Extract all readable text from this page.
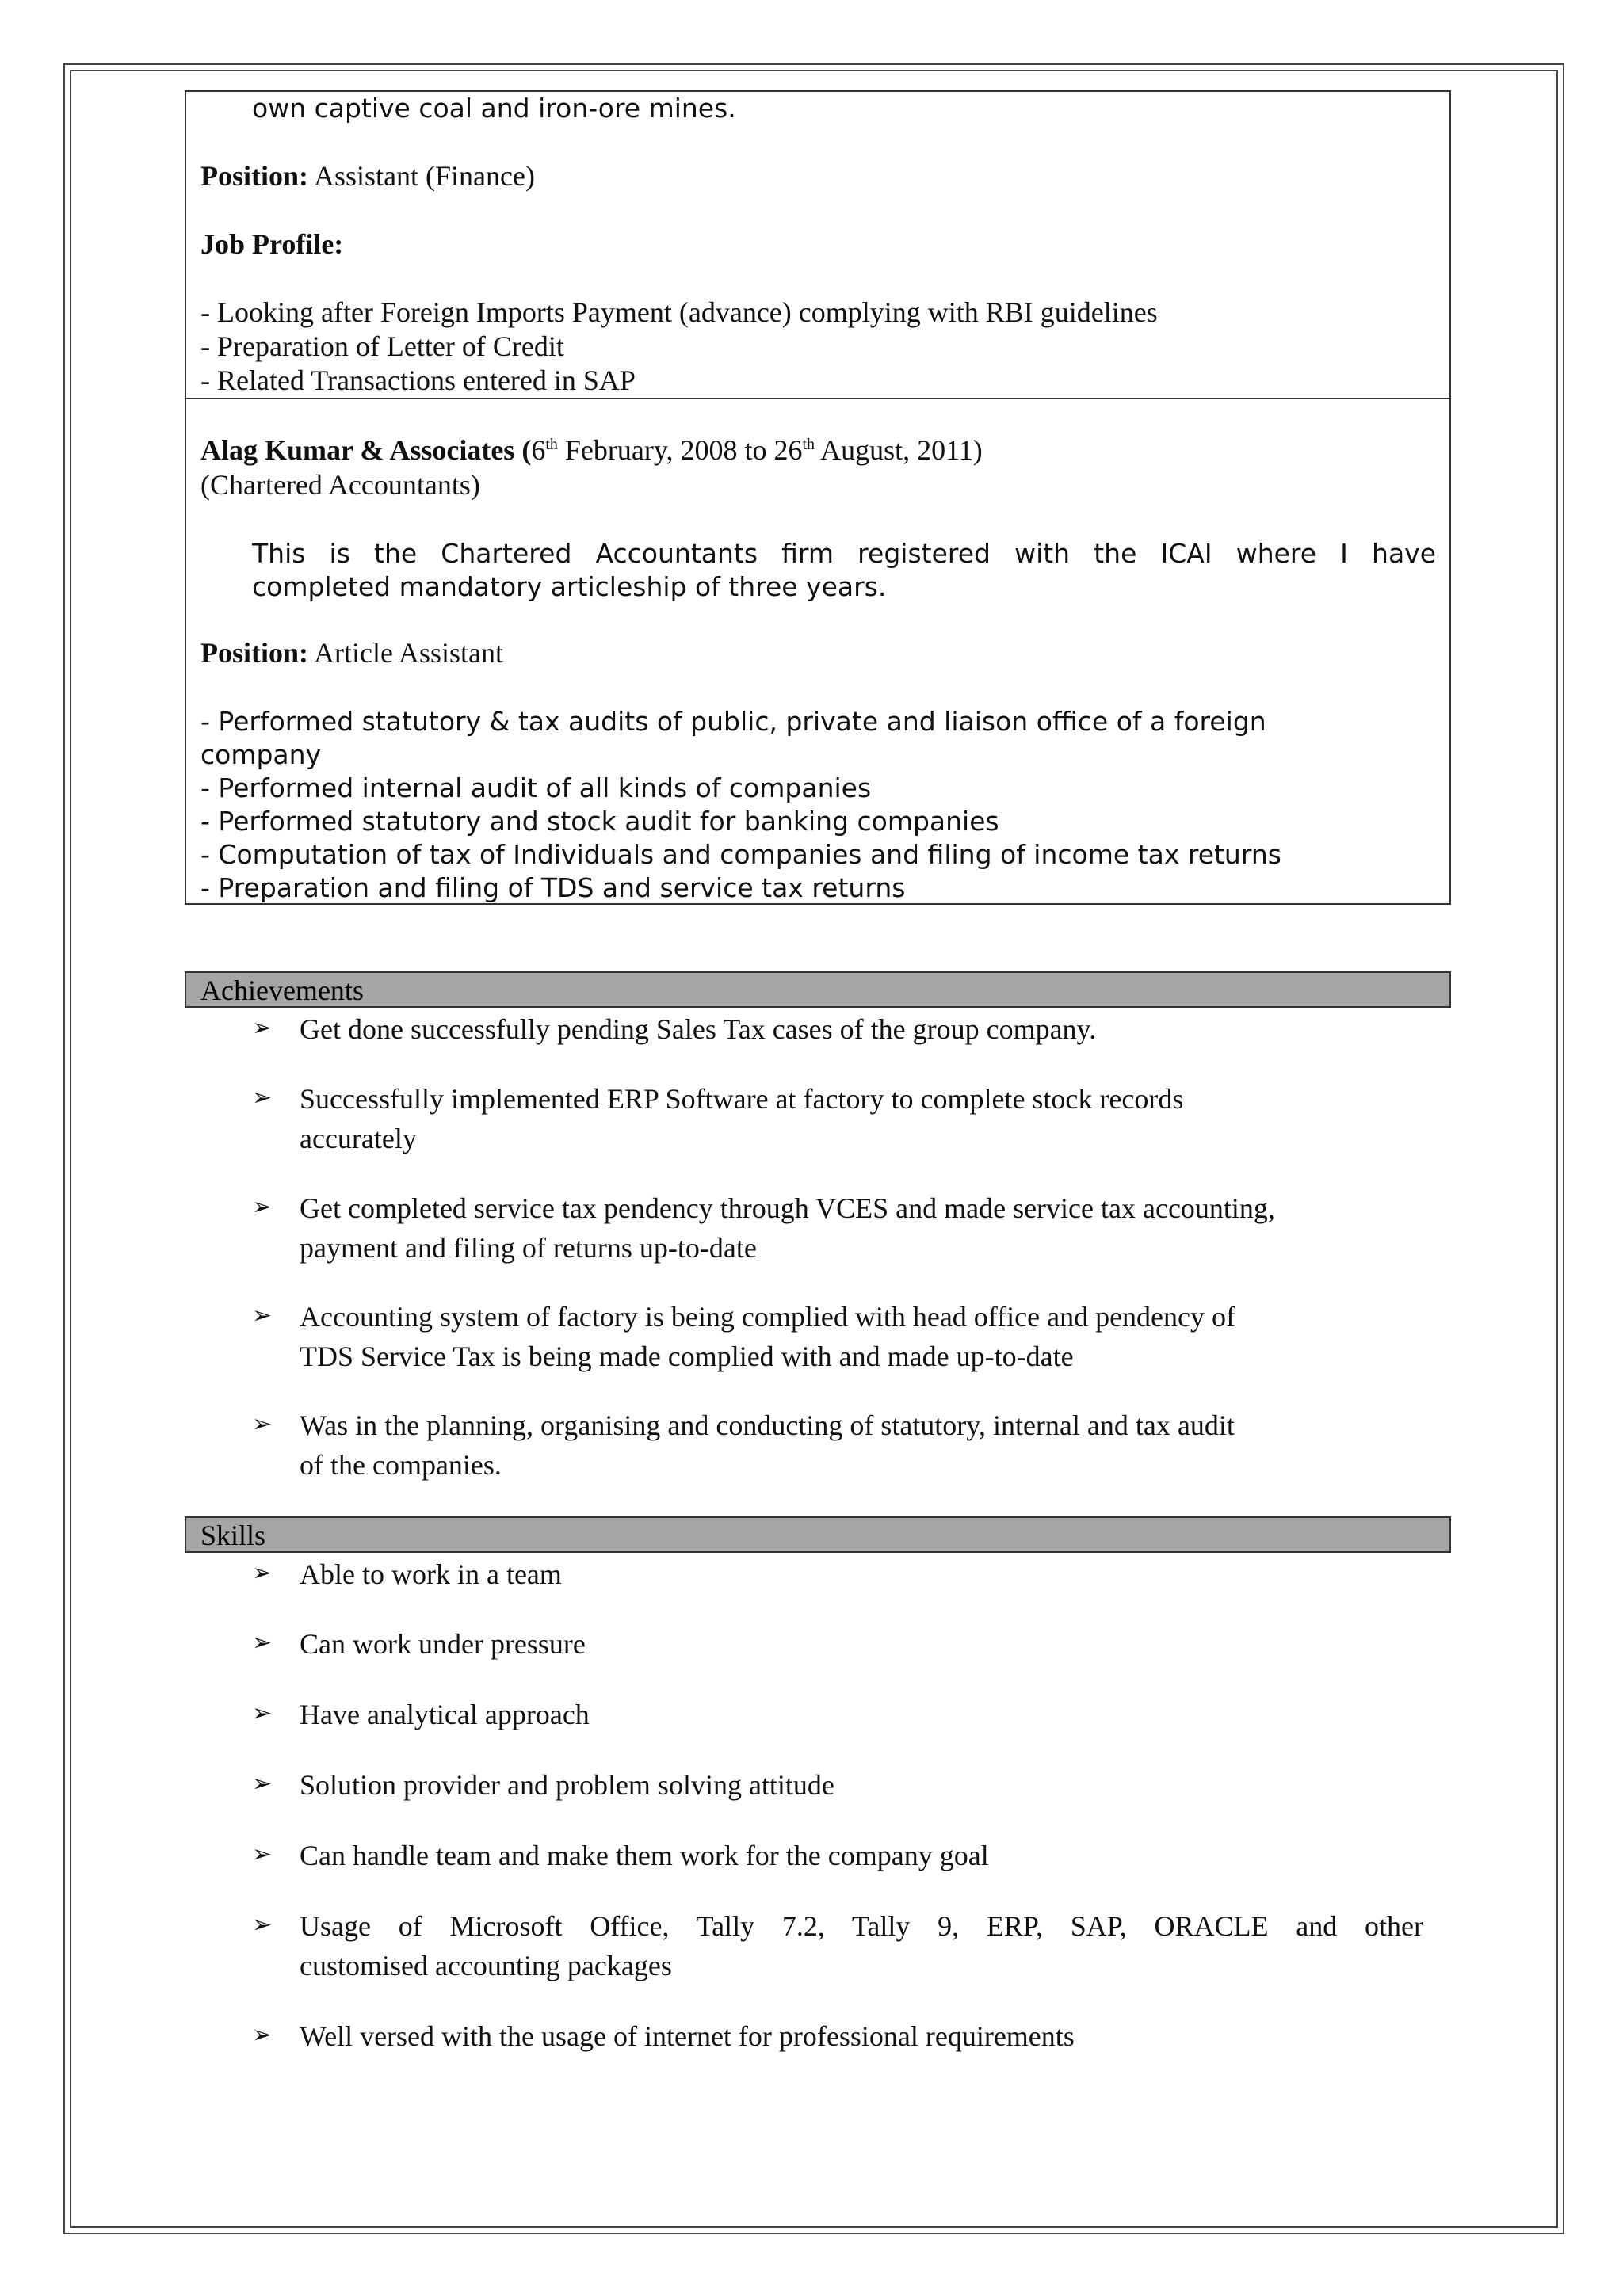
own captive coal and iron-ore mines.

Position: Assistant (Finance)

Job Profile:

- Looking after Foreign Imports Payment (advance) complying with RBI guidelines

- Preparation of Letter of Credit

- Related Transactions entered in SAP

Alag Kumar & Associates (6th February, 2008 to 26th August, 2011)

(Chartered Accountants)

This is the Chartered Accountants firm registered with the ICAI where I have

completed mandatory articleship of three years.

Position: Article Assistant

- Performed statutory & tax audits of public, private and liaison office of a foreign

company

- Performed internal audit of all kinds of companies

- Performed statutory and stock audit for banking companies

- Computation of tax of Individuals and companies and filing of income tax returns

- Preparation and filing of TDS and service tax returns

Achievements
➢ Get done successfully pending Sales Tax cases of the group company.

➢ Successfully implemented ERP Software at factory to complete stock records

accurately

➢ Get completed service tax pendency through VCES and made service tax accounting,

payment and filing of returns up-to-date

➢ Accounting system of factory is being complied with head office and pendency of

TDS Service Tax is being made complied with and made up-to-date

➢ Was in the planning, organising and conducting of statutory, internal and tax audit

of the companies.

Skills
➢ Able to work in a team

➢ Can work under pressure

➢ Have analytical approach

➢ Solution provider and problem solving attitude

➢ Can handle team and make them work for the company goal

➢ Usage of Microsoft Office, Tally 7.2, Tally 9, ERP, SAP, ORACLE and other

customised accounting packages

➢ Well versed with the usage of internet for professional requirements
